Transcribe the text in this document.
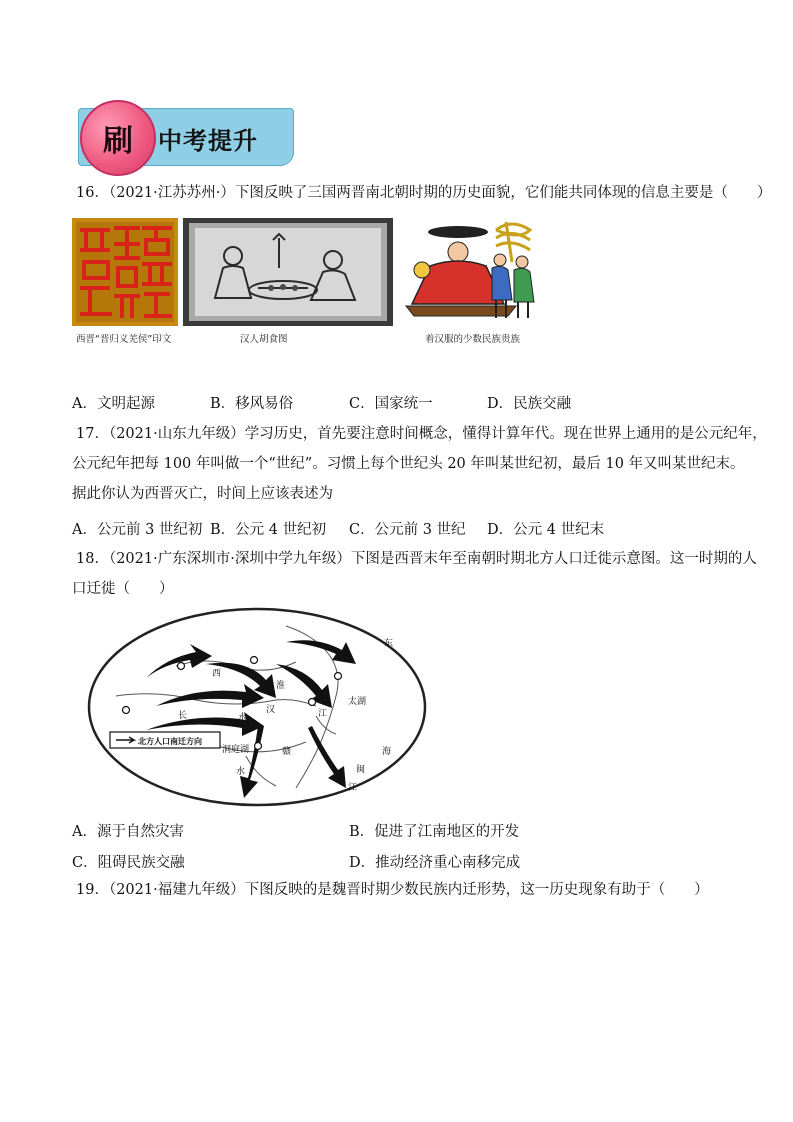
刷 中考提升
16．（2021·江苏苏州·）下图反映了三国两晋南北朝时期的历史面貌，它们能共同体现的信息主要是（　　）
西晋“晋归义羌侯”印文	汉人胡食图	着汉服的少数民族贵族
A．文明起源	B．移风易俗	C．国家统一	D．民族交融
17．（2021·山东九年级）学习历史，首先要注意时间概念，懂得计算年代。现在世界上通用的是公元纪年，
公元纪年把每 100 年叫做一个“世纪”。习惯上每个世纪头 20 年叫某世纪初，最后 10 年又叫某世纪末。
据此你认为西晋灭亡，时间上应该表述为
A．公元前 3 世纪初 B．公元 4 世纪初 C．公元前 3 世纪 D．公元 4 世纪末
18．（2021·广东深圳市·深圳中学九年级）下图是西晋末年至南朝时期北方人口迁徙示意图。这一时期的人
口迁徙（　　）
东
西
淮
长	水
汉	江
太湖
洞庭湖	赣
水
海
闽
江
北方人口南迁方向
A．源于自然灾害	B．促进了江南地区的开发
C．阻碍民族交融	D．推动经济重心南移完成
19．（2021·福建九年级）下图反映的是魏晋时期少数民族内迁形势，这一历史现象有助于（　　）
